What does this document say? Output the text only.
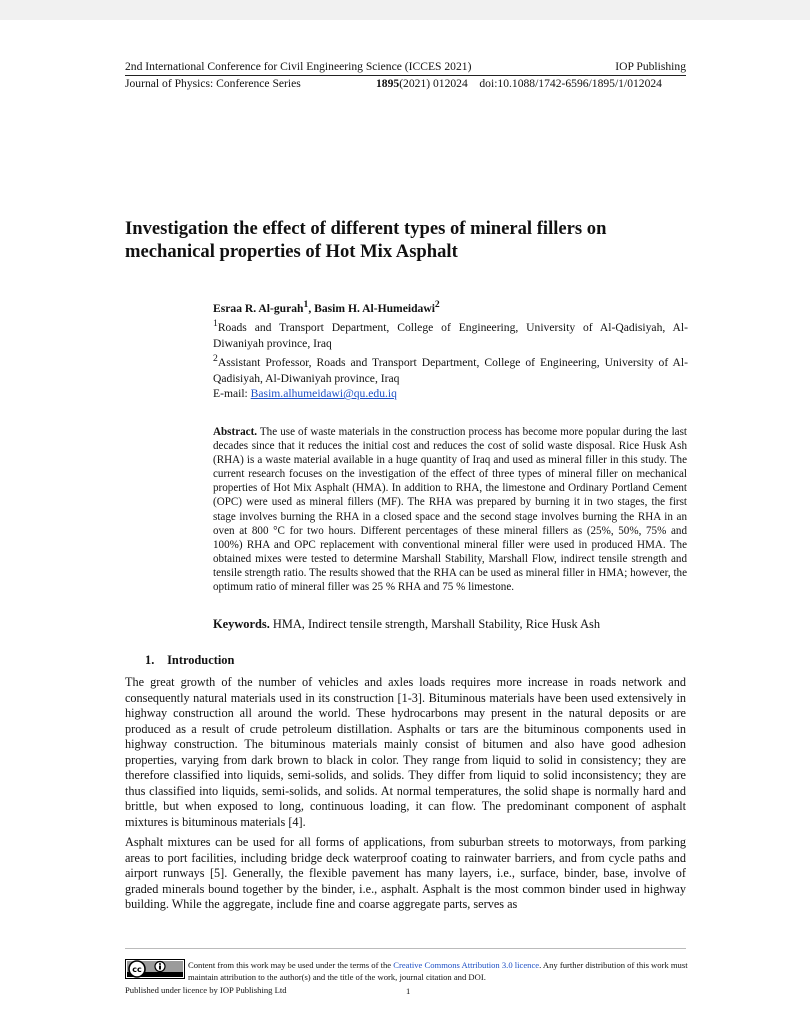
2nd International Conference for Civil Engineering Science (ICCES 2021)	IOP Publishing
Journal of Physics: Conference Series	1895(2021) 012024 doi:10.1088/1742-6596/1895/1/012024
Investigation the effect of different types of mineral fillers on mechanical properties of Hot Mix Asphalt

Esraa R. Al-gurah$^1$, Basim H. Al-Humeidawi$^2$

$^1$Roads and Transport Department, College of Engineering, University of Al-Qadisiyah, Al-Diwaniyah province, Iraq

$^2$Assistant Professor, Roads and Transport Department, College of Engineering, University of Al-Qadisiyah, Al-Diwaniyah province, Iraq

E-mail: Basim.alhumeidawi@qu.edu.iq

Abstract. The use of waste materials in the construction process has become more popular during the last decades since that it reduces the initial cost and reduces the cost of solid waste disposal. Rice Husk Ash (RHA) is a waste material available in a huge quantity of Iraq and used as mineral filler in this study. The current research focuses on the investigation of the effect of three types of mineral filler on mechanical properties of Hot Mix Asphalt (HMA). In addition to RHA, the limestone and Ordinary Portland Cement (OPC) were used as mineral fillers (MF). The RHA was prepared by burning it in two stages, the first stage involves burning the RHA in a closed space and the second stage involves burning the RHA in an oven at 800 °C for two hours. Different percentages of these mineral fillers as (25%, 50%, 75% and 100%) RHA and OPC replacement with conventional mineral filler were used in produced HMA. The obtained mixes were tested to determine Marshall Stability, Marshall Flow, indirect tensile strength and tensile strength ratio. The results showed that the RHA can be used as mineral filler in HMA; however, the optimum ratio of mineral filler was 25 % RHA and 75 % limestone.

Keywords. HMA, Indirect tensile strength, Marshall Stability, Rice Husk Ash

1. Introduction

The great growth of the number of vehicles and axles loads requires more increase in roads network and consequently natural materials used in its construction [1-3]. Bituminous materials have been used extensively in highway construction all around the world. These hydrocarbons may present in the natural deposits or are produced as a result of crude petroleum distillation. Asphalts or tars are the bituminous components used in highway construction. The bituminous materials mainly consist of bitumen and also have good adhesion properties, varying from dark brown to black in color. They range from liquid to solid in consistency; they are therefore classified into liquids, semi-solids, and solids. They differ from liquid to solid inconsistency; they are thus classified into liquids, semi-solids, and solids. At normal temperatures, the solid shape is normally hard and brittle, but when exposed to long, continuous loading, it can flow. The predominant component of asphalt mixtures is bituminous materials [4].

Asphalt mixtures can be used for all forms of applications, from suburban streets to motorways, from parking areas to port facilities, including bridge deck waterproof coating to rainwater barriers, and from cycle paths and airport runways [5]. Generally, the flexible pavement has many layers, i.e., surface, binder, base, involve of graded minerals bound together by the binder, i.e., asphalt. Asphalt is the most common binder used in highway building. While the aggregate, include fine and coarse aggregate parts, serves as

cc	Content from this work may be used under the terms of the Creative Commons Attribution 3.0 licence. Any further distribution of this work must maintain attribution to the author(s) and the title of the work, journal citation and DOI.

Published under licence by IOP Publishing Ltd	1
